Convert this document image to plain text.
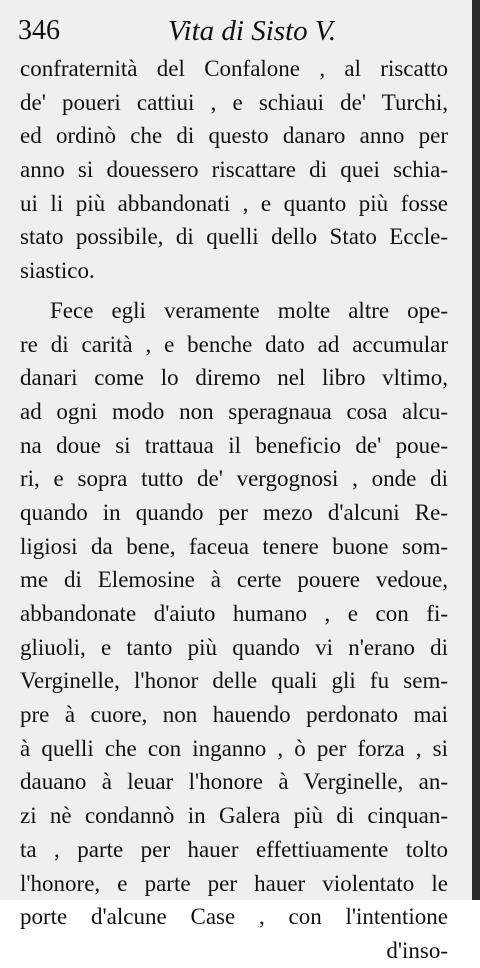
346	Vita di Sisto V.
confraternità del Confalone , al riscatto
de' poueri cattiui , e schiaui de' Turchi,
ed ordinò che di questo danaro anno per
anno si douessero riscattare di quei schia-
ui li più abbandonati , e quanto più fosse
stato possibile, di quelli dello Stato Eccle-
siastico.
Fece egli veramente molte altre ope-
re di carità , e benche dato ad accumular
danari come lo diremo nel libro vltimo,
ad ogni modo non speragnaua cosa alcu-
na doue si trattaua il beneficio de' poue-
ri, e sopra tutto de' vergognosi , onde di
quando in quando per mezo d'alcuni Re-
ligiosi da bene, faceua tenere buone som-
me di Elemosine à certe pouere vedoue,
abbandonate d'aiuto humano , e con fi-
gliuoli, e tanto più quando vi n'erano di
Verginelle, l'honor delle quali gli fu sem-
pre à cuore, non hauendo perdonato mai
à quelli che con inganno , ò per forza , si
dauano à leuar l'honore à Verginelle, an-
zi nè condannò in Galera più di cinquan-
ta , parte per hauer effettiuamente tolto
l'honore, e parte per hauer violentato le
porte d'alcune Case , con l'intentione
d'inso-
